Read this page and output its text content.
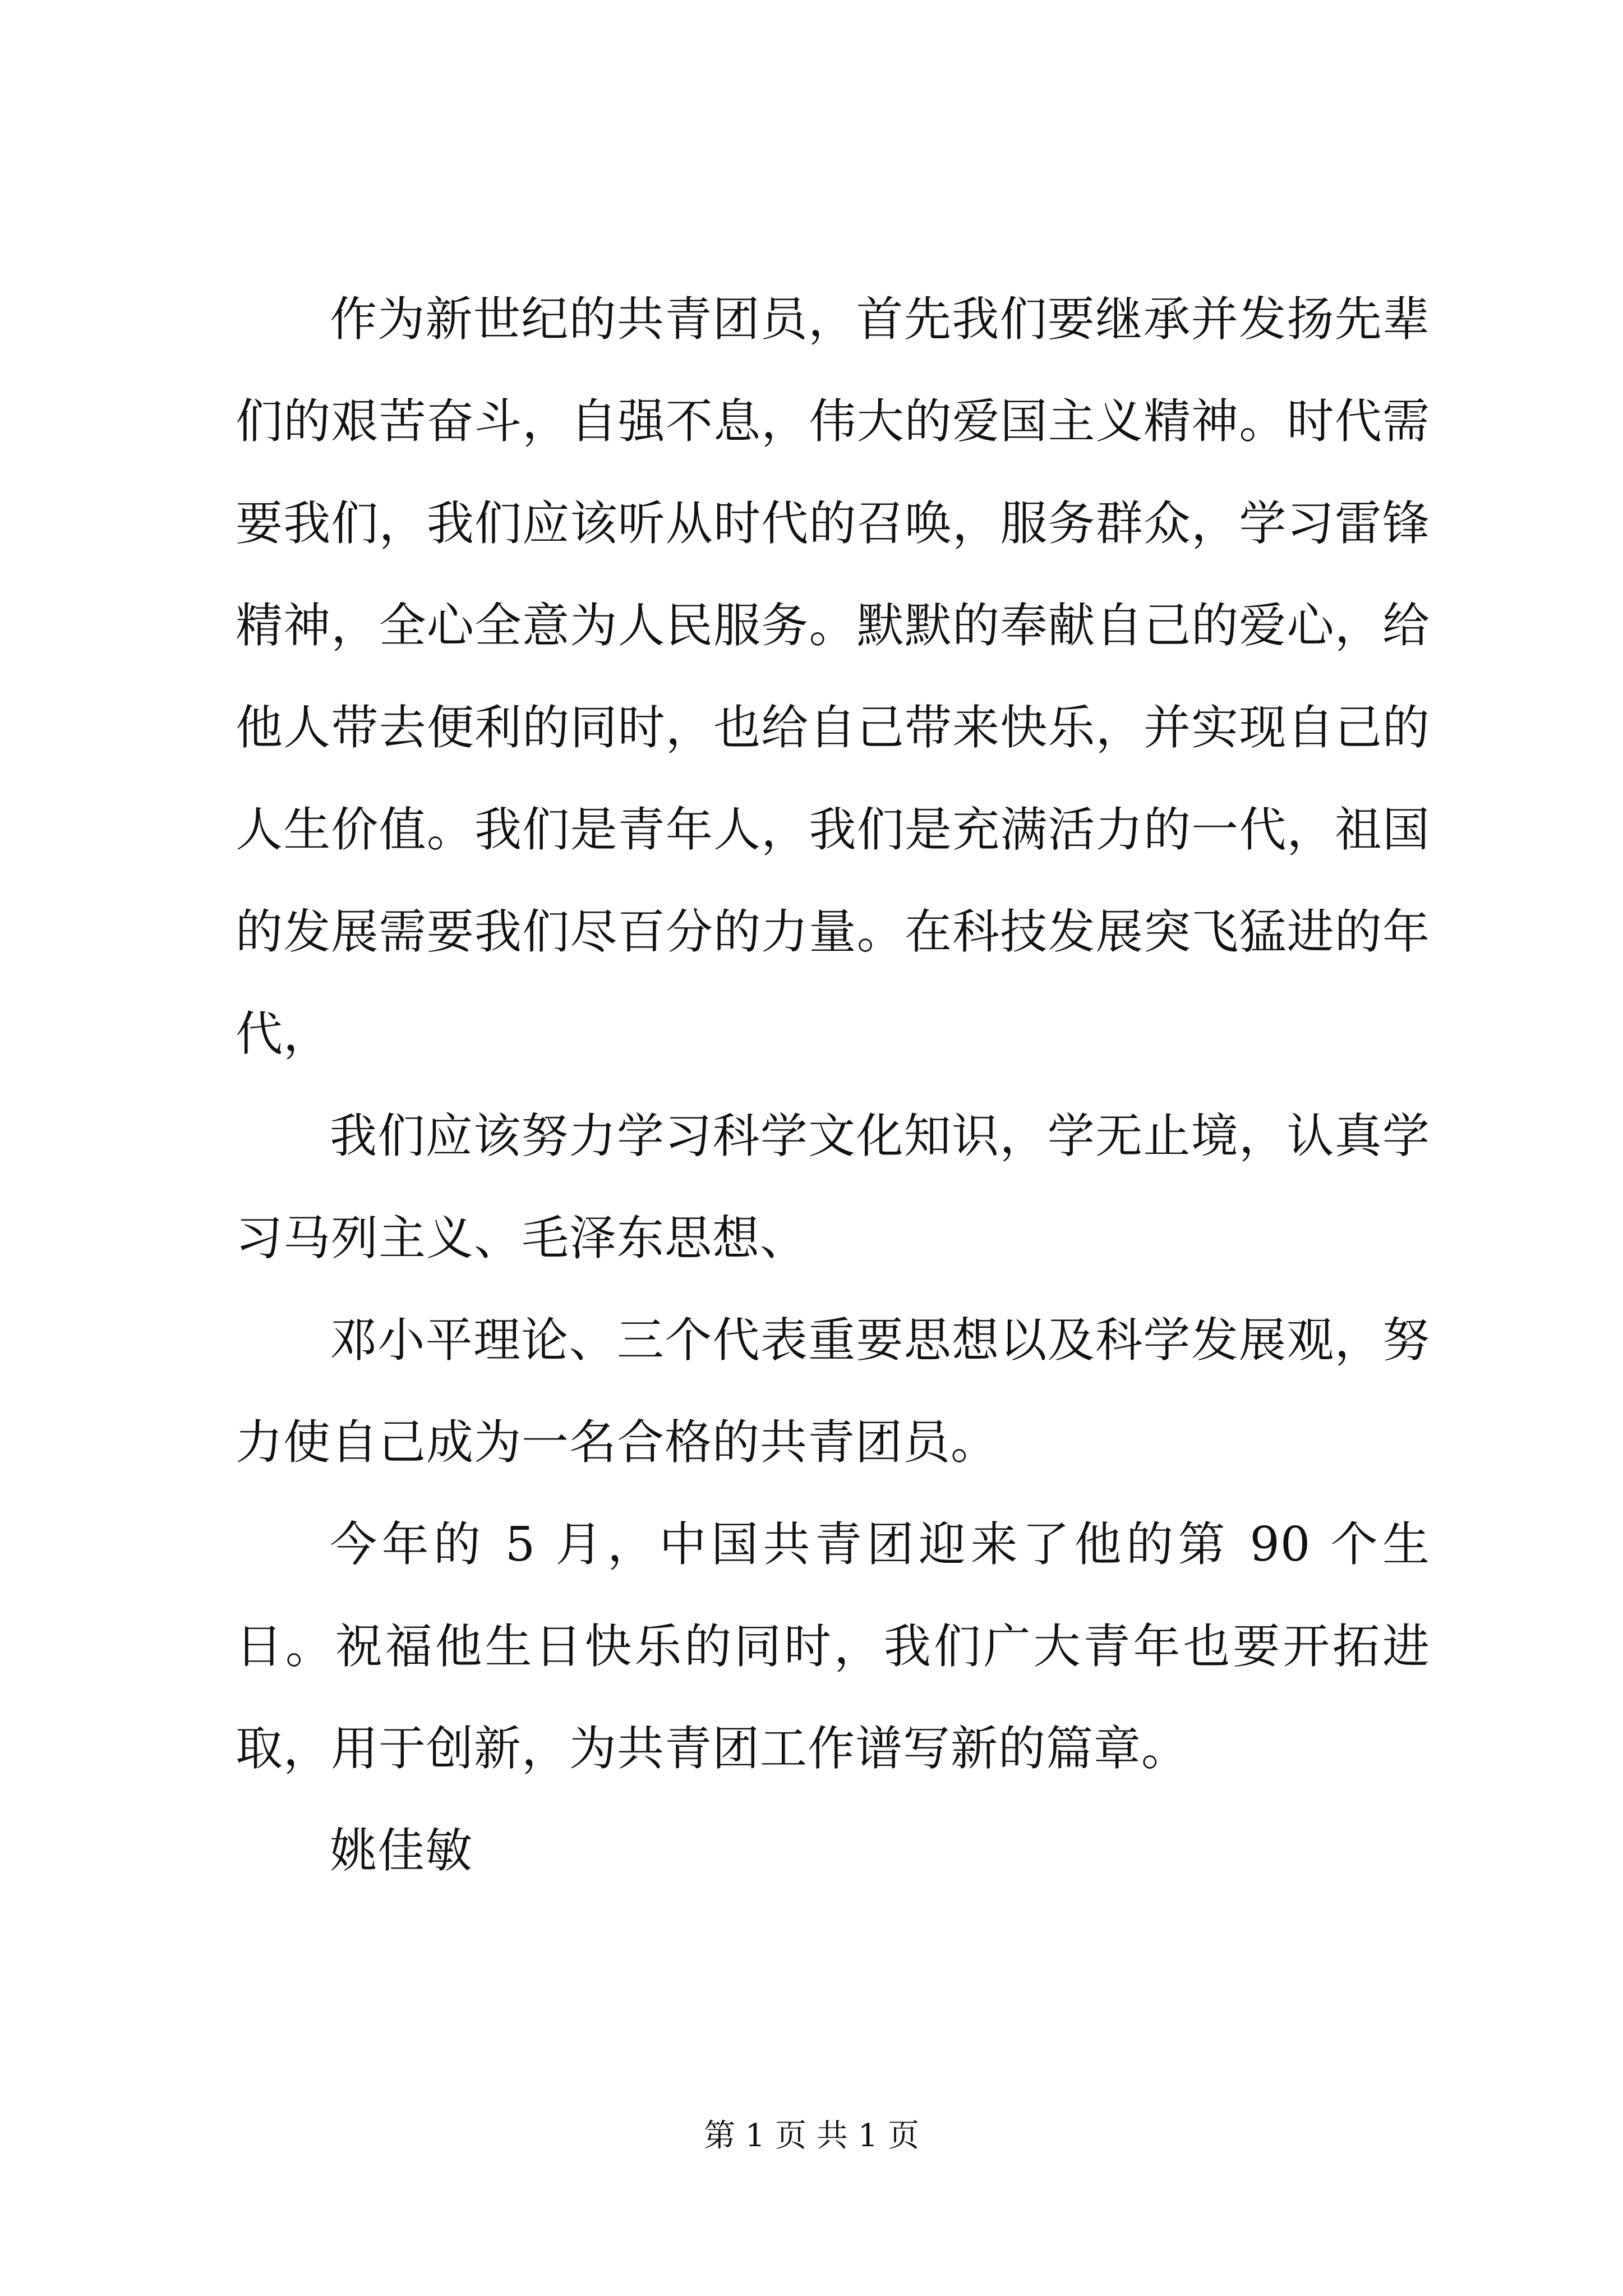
作为新世纪的共青团员，首先我们要继承并发扬先辈们的艰苦奋斗，自强不息，伟大的爱国主义精神。时代需要我们，我们应该听从时代的召唤，服务群众，学习雷锋精神，全心全意为人民服务。默默的奉献自己的爱心，给他人带去便利的同时，也给自己带来快乐，并实现自己的人生价值。我们是青年人，我们是充满活力的一代，祖国的发展需要我们尽百分的力量。在科技发展突飞猛进的年代，

我们应该努力学习科学文化知识，学无止境，认真学习马列主义、毛泽东思想、

邓小平理论、三个代表重要思想以及科学发展观，努力使自己成为一名合格的共青团员。

今年的 5 月，中国共青团迎来了他的第 90 个生日。祝福他生日快乐的同时，我们广大青年也要开拓进取，用于创新，为共青团工作谱写新的篇章。

姚佳敏

第 1 页 共 1 页
